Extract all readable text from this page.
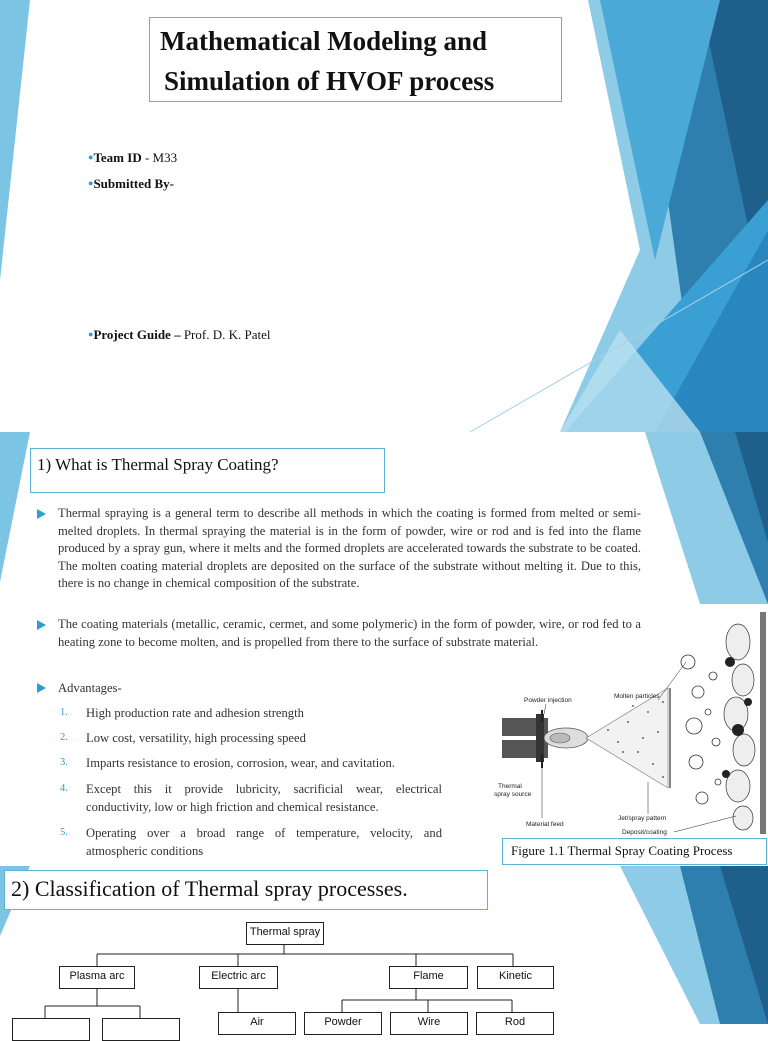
Mathematical Modeling and
Simulation of HVOF process
●Team ID - M33
●Submitted By-
●Project Guide – Prof. D. K. Patel
1) What is Thermal Spray Coating?
Thermal spraying is a general term to describe all methods in which the coating is formed from melted or semi-melted droplets. In thermal spraying the material is in the form of powder, wire or rod and is fed into the flame produced by a spray gun, where it melts and the formed droplets are accelerated towards the substrate to be coated. The molten coating material droplets are deposited on the surface of the substrate without melting it. Due to this, there is no change in chemical composition of the substrate.
The coating materials (metallic, ceramic, cermet, and some polymeric) in the form of powder, wire, or rod fed to a heating zone to become molten, and is propelled from there to the surface of substrate material.
Advantages-
1. High production rate and adhesion strength
2. Low cost, versatility, high processing speed
3. Imparts resistance to erosion, corrosion, wear, and cavitation.
4. Except this it provide lubricity, sacrificial wear, electrical conductivity, low or high friction and chemical resistance.
5. Operating over a broad range of temperature, velocity, and atmospheric conditions
Powder injection
Molten particles
Thermal
spray source
Jet/spray pattern
Material feed
Deposit/coating
Figure 1.1 Thermal Spray Coating Process
2) Classification of Thermal spray processes.
Thermal spray
Plasma arc	Electric arc	Flame	Kinetic
Air	Powder	Wire	Rod
